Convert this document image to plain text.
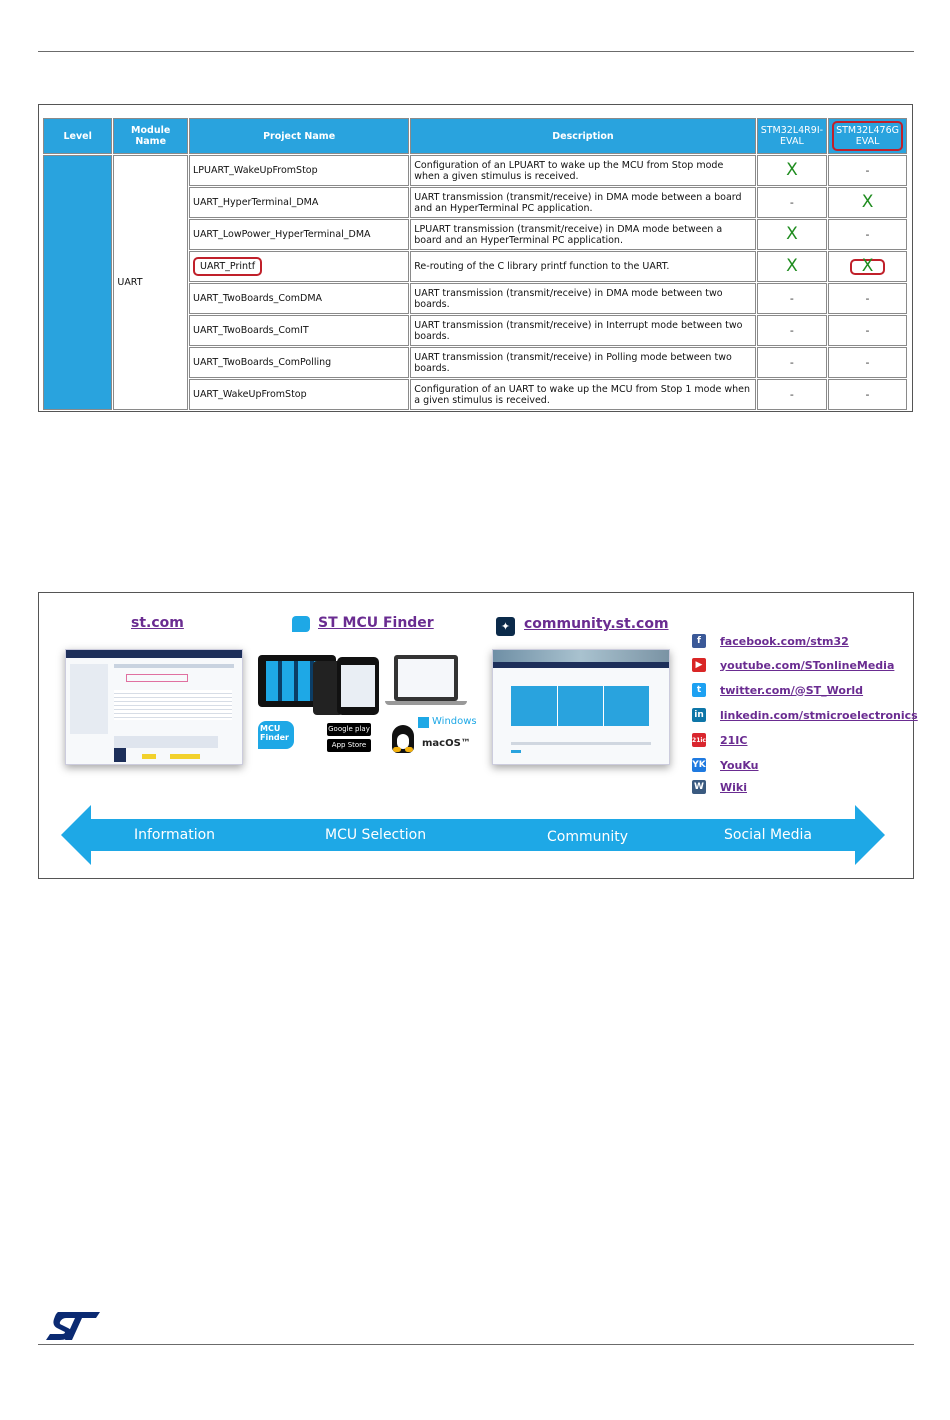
Level	Module Name	Project Name	Description	STM32L4R9I-EVAL	STM32L476G EVAL
	UART	LPUART_WakeUpFromStop	Configuration of an LPUART to wake up the MCU from Stop mode when a given stimulus is received.	X	-
		UART_HyperTerminal_DMA	UART transmission (transmit/receive) in DMA mode between a board and an HyperTerminal PC application.	-	X
		UART_LowPower_HyperTerminal_DMA	LPUART transmission (transmit/receive) in DMA mode between a board and an HyperTerminal PC application.	X	-
		UART_Printf	Re-routing of the C library printf function to the UART.	X	X
		UART_TwoBoards_ComDMA	UART transmission (transmit/receive) in DMA mode between two boards.	-	-
		UART_TwoBoards_ComIT	UART transmission (transmit/receive) in Interrupt mode between two boards.	-	-
		UART_TwoBoards_ComPolling	UART transmission (transmit/receive) in Polling mode between two boards.	-	-
		UART_WakeUpFromStop	Configuration of an UART to wake up the MCU from Stop 1 mode when a given stimulus is received.	-	-
st.com	ST MCU Finder
MCU Finder
Google play
App Store
Windows
macOS™
✦ community.st.com
f	facebook.com/stm32
▶	youtube.com/STonlineMedia
t	twitter.com/@ST_World
in linkedin.com/stmicroelectronics
21ic 21IC
YK YouKu
W Wiki
Information	MCU Selection	Community	Social Media
ST
